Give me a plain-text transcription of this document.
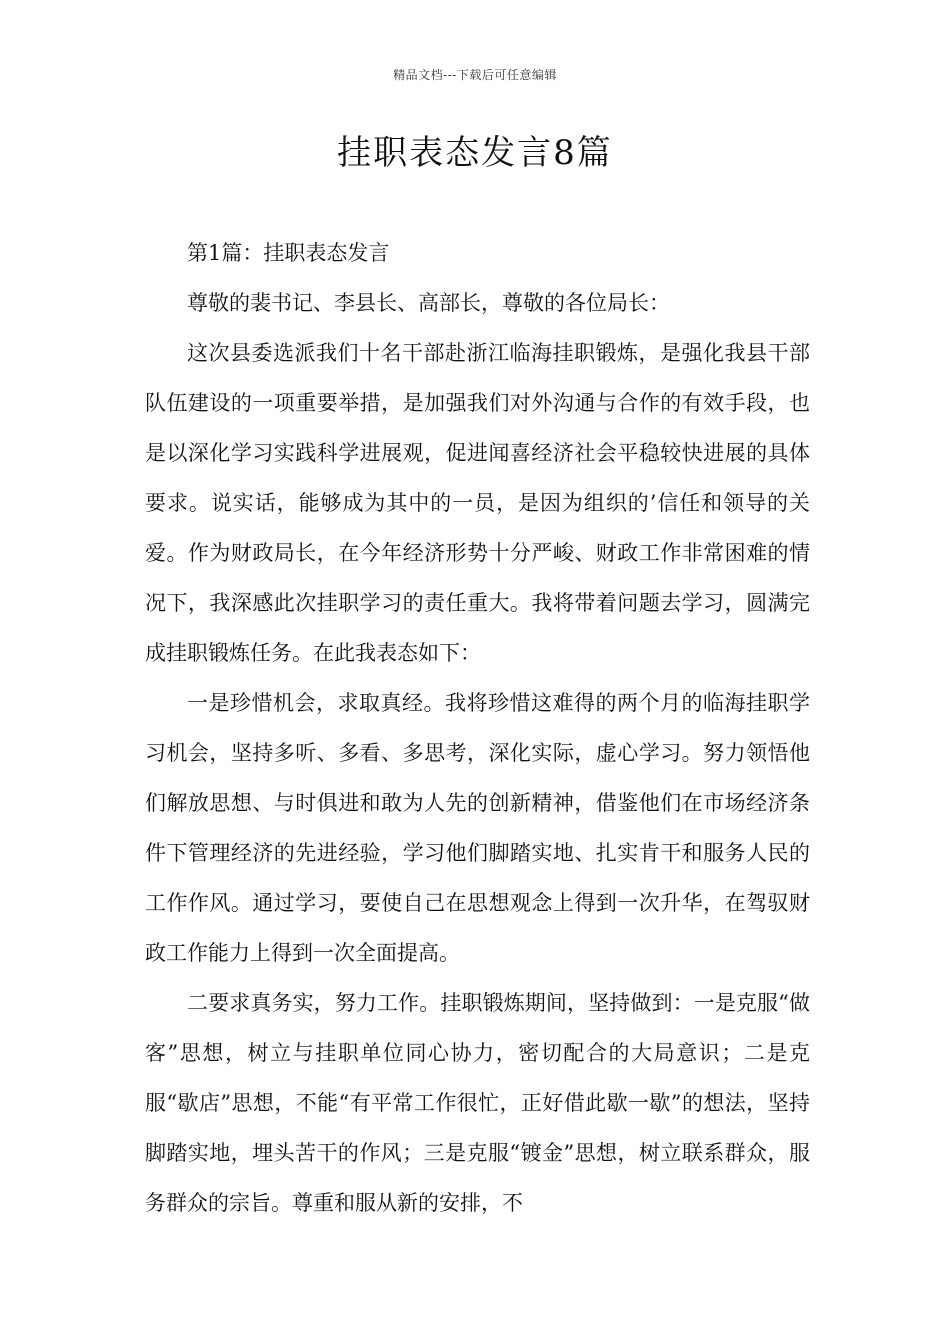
精品文档---下载后可任意编辑
挂职表态发言8篇

第1篇：挂职表态发言

尊敬的裴书记、李县长、高部长，尊敬的各位局长：

这次县委选派我们十名干部赴浙江临海挂职锻炼，是强化我县干部队伍建设的一项重要举措，是加强我们对外沟通与合作的有效手段，也是以深化学习实践科学进展观，促进闻喜经济社会平稳较快进展的具体要求。说实话，能够成为其中的一员，是因为组织的’信任和领导的关爱。作为财政局长，在今年经济形势十分严峻、财政工作非常困难的情况下，我深感此次挂职学习的责任重大。我将带着问题去学习，圆满完成挂职锻炼任务。在此我表态如下：

一是珍惜机会，求取真经。我将珍惜这难得的两个月的临海挂职学习机会，坚持多听、多看、多思考，深化实际，虚心学习。努力领悟他们解放思想、与时俱进和敢为人先的创新精神，借鉴他们在市场经济条件下管理经济的先进经验，学习他们脚踏实地、扎实肯干和服务人民的工作作风。通过学习，要使自己在思想观念上得到一次升华，在驾驭财政工作能力上得到一次全面提高。

二要求真务实，努力工作。挂职锻炼期间，坚持做到：一是克服“做客”思想，树立与挂职单位同心协力，密切配合的大局意识；二是克服“歇店”思想，不能“有平常工作很忙，正好借此歇一歇”的想法，坚持脚踏实地，埋头苦干的作风；三是克服“镀金”思想，树立联系群众，服务群众的宗旨。尊重和服从新的安排，不
